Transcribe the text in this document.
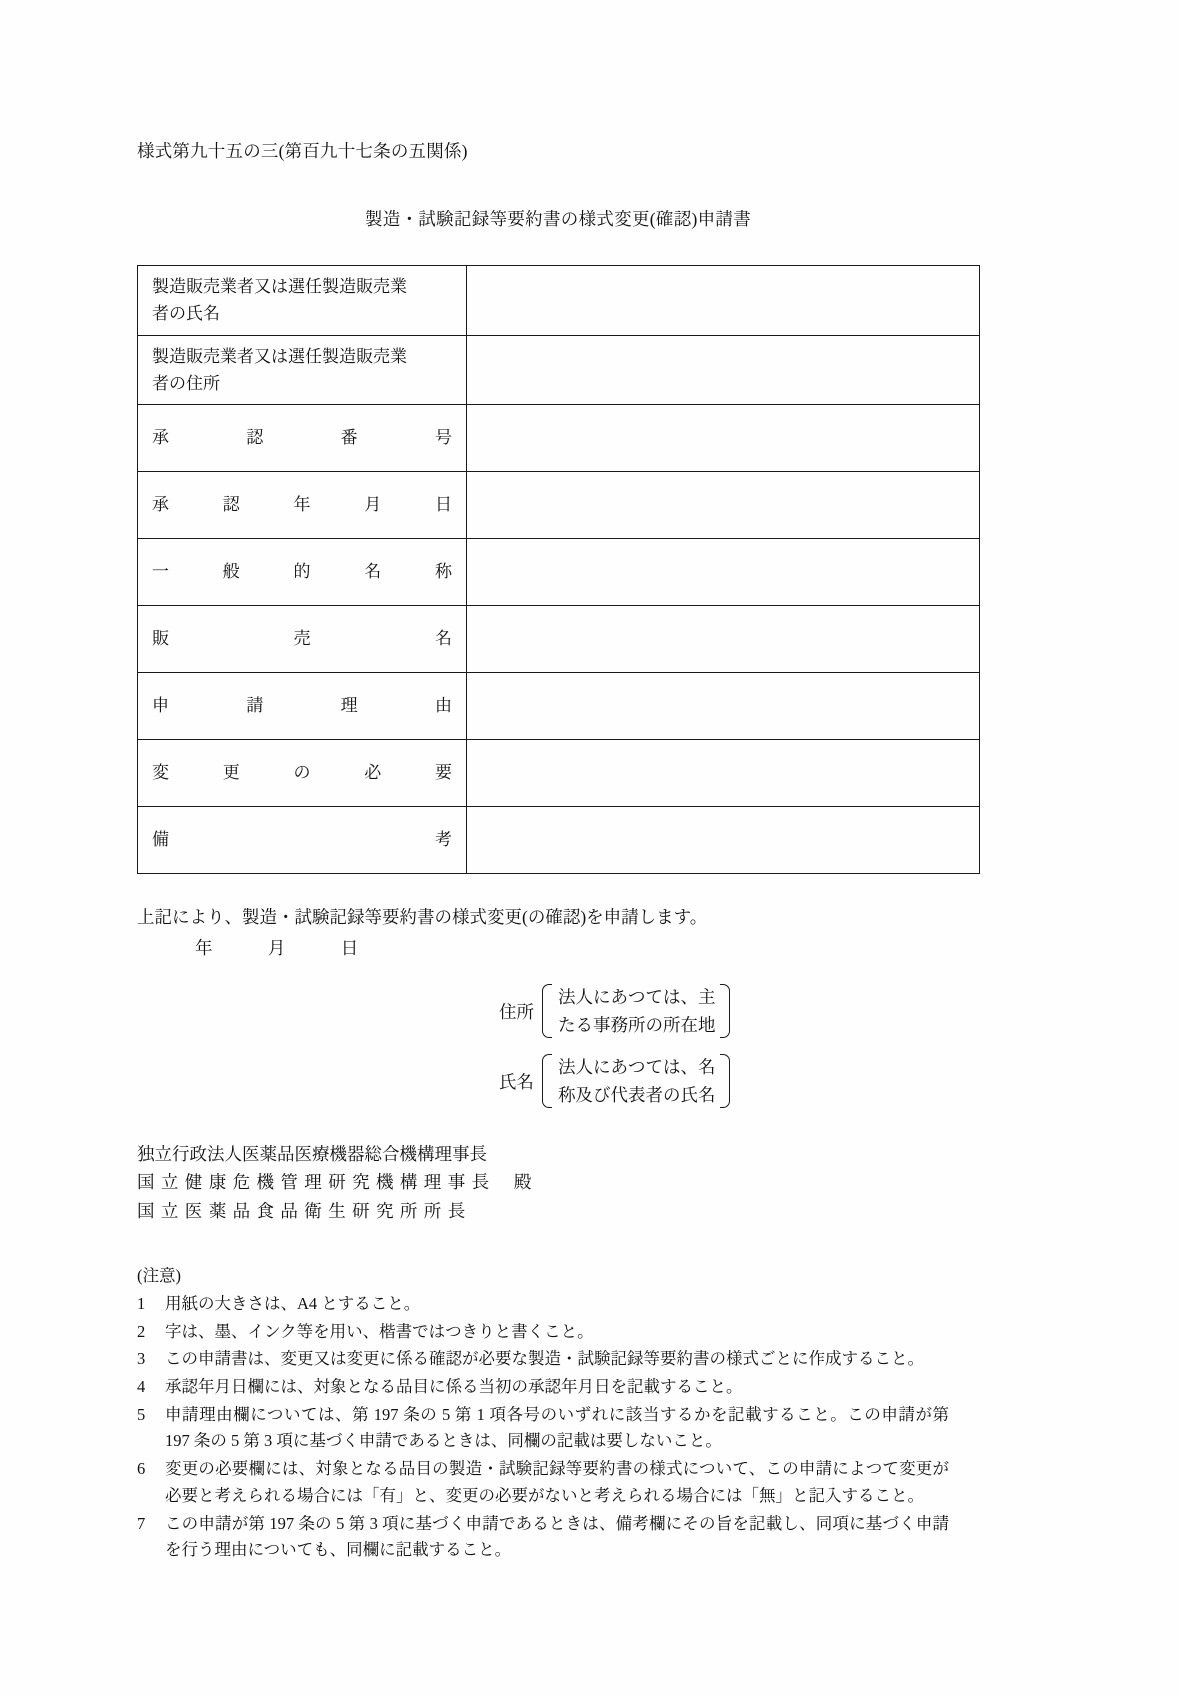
様式第九十五の三(第百九十七条の五関係)
製造・試験記録等要約書の様式変更(確認)申請書
製造販売業者又は選任製造販売業
者の氏名	

製造販売業者又は選任製造販売業
者の住所	

承認番号	

承認年月日	

一般的名称	

販売名	

申請理由	

変更の必要	

備考	

上記により、製造・試験記録等要約書の様式変更(の確認)を申請します。
年	月	日
住所
法人にあつては、主
たる事務所の所在地
氏名
法人にあつては、名
称及び代表者の氏名
独立行政法人医薬品医療機器総合機構理事長
国立健康危機管理研究機構理事長 殿
国立医薬品食品衛生研究所所長
(注意)
1	用紙の大きさは、A4 とすること。
2	字は、墨、インク等を用い、楷書ではつきりと書くこと。
3	この申請書は、変更又は変更に係る確認が必要な製造・試験記録等要約書の様式ごとに作成すること。
4	承認年月日欄には、対象となる品目に係る当初の承認年月日を記載すること。
5	申請理由欄については、第 197 条の 5 第 1 項各号のいずれに該当するかを記載すること。この申請が第 197 条の 5 第 3 項に基づく申請であるときは、同欄の記載は要しないこと。
6	変更の必要欄には、対象となる品目の製造・試験記録等要約書の様式について、この申請によつて変更が必要と考えられる場合には「有」と、変更の必要がないと考えられる場合には「無」と記入すること。
7	この申請が第 197 条の 5 第 3 項に基づく申請であるときは、備考欄にその旨を記載し、同項に基づく申請を行う理由についても、同欄に記載すること。
